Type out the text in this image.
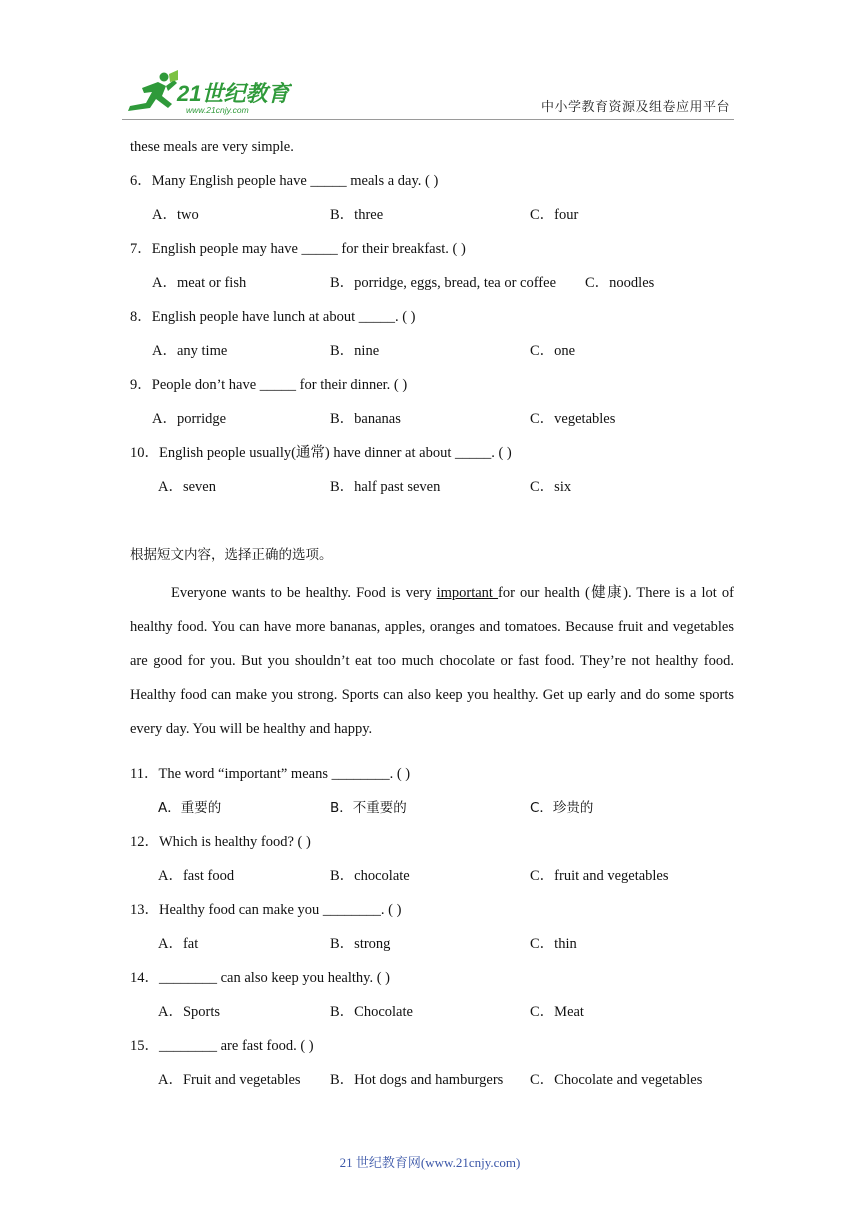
21世纪教育
www.21cnjy.com	中小学教育资源及组卷应用平台
these meals are very simple.
6．Many English people have _____ meals a day. ( )
A．two	B．three	C．four
7．English people may have _____ for their breakfast. ( )
A．meat or fish	B．porridge, eggs, bread, tea or coffee C．noodles
8．English people have lunch at about _____. ( )
A．any time	B．nine	C．one
9．People don’t have _____ for their dinner. ( )
A．porridge	B．bananas	C．vegetables
10．English people usually(通常) have dinner at about _____. ( )
A．seven	B．half past seven	C．six
根据短文内容，选择正确的选项。

Everyone wants to be healthy. Food is very important for our health (健康). There is a lot of healthy food. You can have more bananas, apples, oranges and tomatoes. Because fruit and vegetables are good for you. But you shouldn’t eat too much chocolate or fast food. They’re not healthy food. Healthy food can make you strong. Sports can also keep you healthy. Get up early and do some sports every day. You will be healthy and happy.

11．The word “important” means ________. ( )
A．重要的	B．不重要的	C．珍贵的
12．Which is healthy food? ( )
A．fast food	B．chocolate	C．fruit and vegetables
13．Healthy food can make you ________. ( )
A．fat	B．strong	C．thin
14．________ can also keep you healthy. ( )
A．Sports	B．Chocolate	C．Meat
15．________ are fast food. ( )
A．Fruit and vegetables B．Hot dogs and hamburgers C．Chocolate and vegetables
21 世纪教育网(www.21cnjy.com)
